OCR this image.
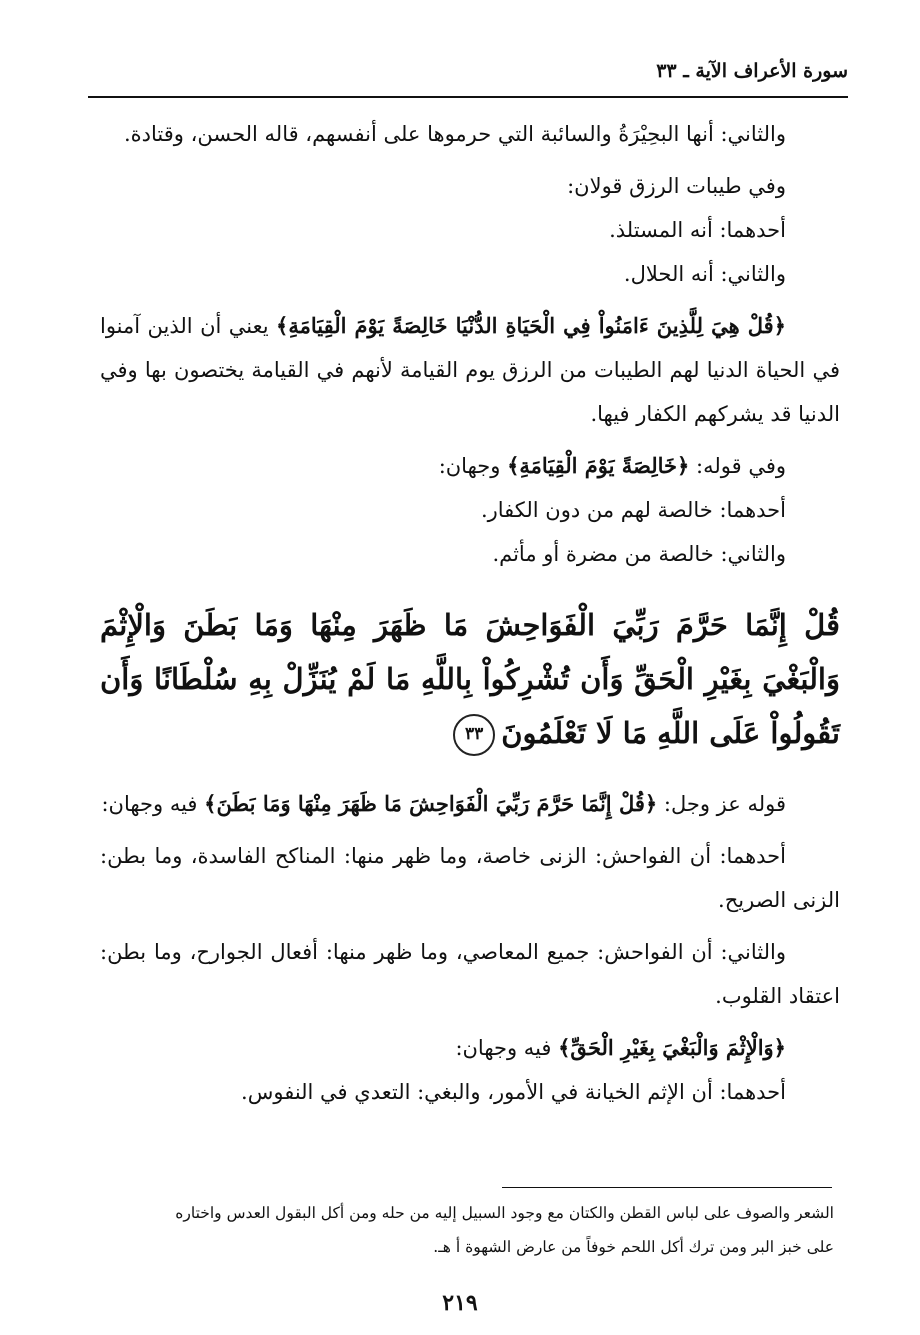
سورة الأعراف الآية ـ ٣٣

والثاني: أنها البحِيْرَةُ والسائبة التي حرموها على أنفسهم، قاله الحسن، وقتادة.

وفي طيبات الرزق قولان:

أحدهما: أنه المستلذ.

والثاني: أنه الحلال.

﴿قُلْ هِيَ لِلَّذِينَ ءَامَنُواْ فِي الْحَيَاةِ الدُّنْيَا خَالِصَةً يَوْمَ الْقِيَامَةِ﴾ يعني أن الذين آمنوا في الحياة الدنيا لهم الطيبات من الرزق يوم القيامة لأنهم في القيامة يختصون بها وفي الدنيا قد يشركهم الكفار فيها.

وفي قوله: ﴿خَالِصَةً يَوْمَ الْقِيَامَةِ﴾ وجهان:

أحدهما: خالصة لهم من دون الكفار.

والثاني: خالصة من مضرة أو مأثم.

قُلْ إِنَّمَا حَرَّمَ رَبِّيَ الْفَوَاحِشَ مَا ظَهَرَ مِنْهَا وَمَا بَطَنَ وَالْإِثْمَ وَالْبَغْيَ بِغَيْرِ الْحَقِّ وَأَن تُشْرِكُواْ بِاللَّهِ مَا لَمْ يُنَزِّلْ بِهِ سُلْطَانًا وَأَن تَقُولُواْ عَلَى اللَّهِ مَا لَا تَعْلَمُونَ٣٣

قوله عز وجل: ﴿قُلْ إِنَّمَا حَرَّمَ رَبِّيَ الْفَوَاحِشَ مَا ظَهَرَ مِنْهَا وَمَا بَطَنَ﴾ فيه وجهان:

أحدهما: أن الفواحش: الزنى خاصة، وما ظهر منها: المناكح الفاسدة، وما بطن: الزنى الصريح.

والثاني: أن الفواحش: جميع المعاصي، وما ظهر منها: أفعال الجوارح، وما بطن: اعتقاد القلوب.

﴿وَالْإِثْمَ وَالْبَغْيَ بِغَيْرِ الْحَقِّ﴾ فيه وجهان:

أحدهما: أن الإثم الخيانة في الأمور، والبغي: التعدي في النفوس.

الشعر والصوف على لباس القطن والكتان مع وجود السبيل إليه من حله ومن أكل البقول العدس واختاره

على خبز البر ومن ترك أكل اللحم خوفاً من عارض الشهوة أ هـ.

٢١٩
